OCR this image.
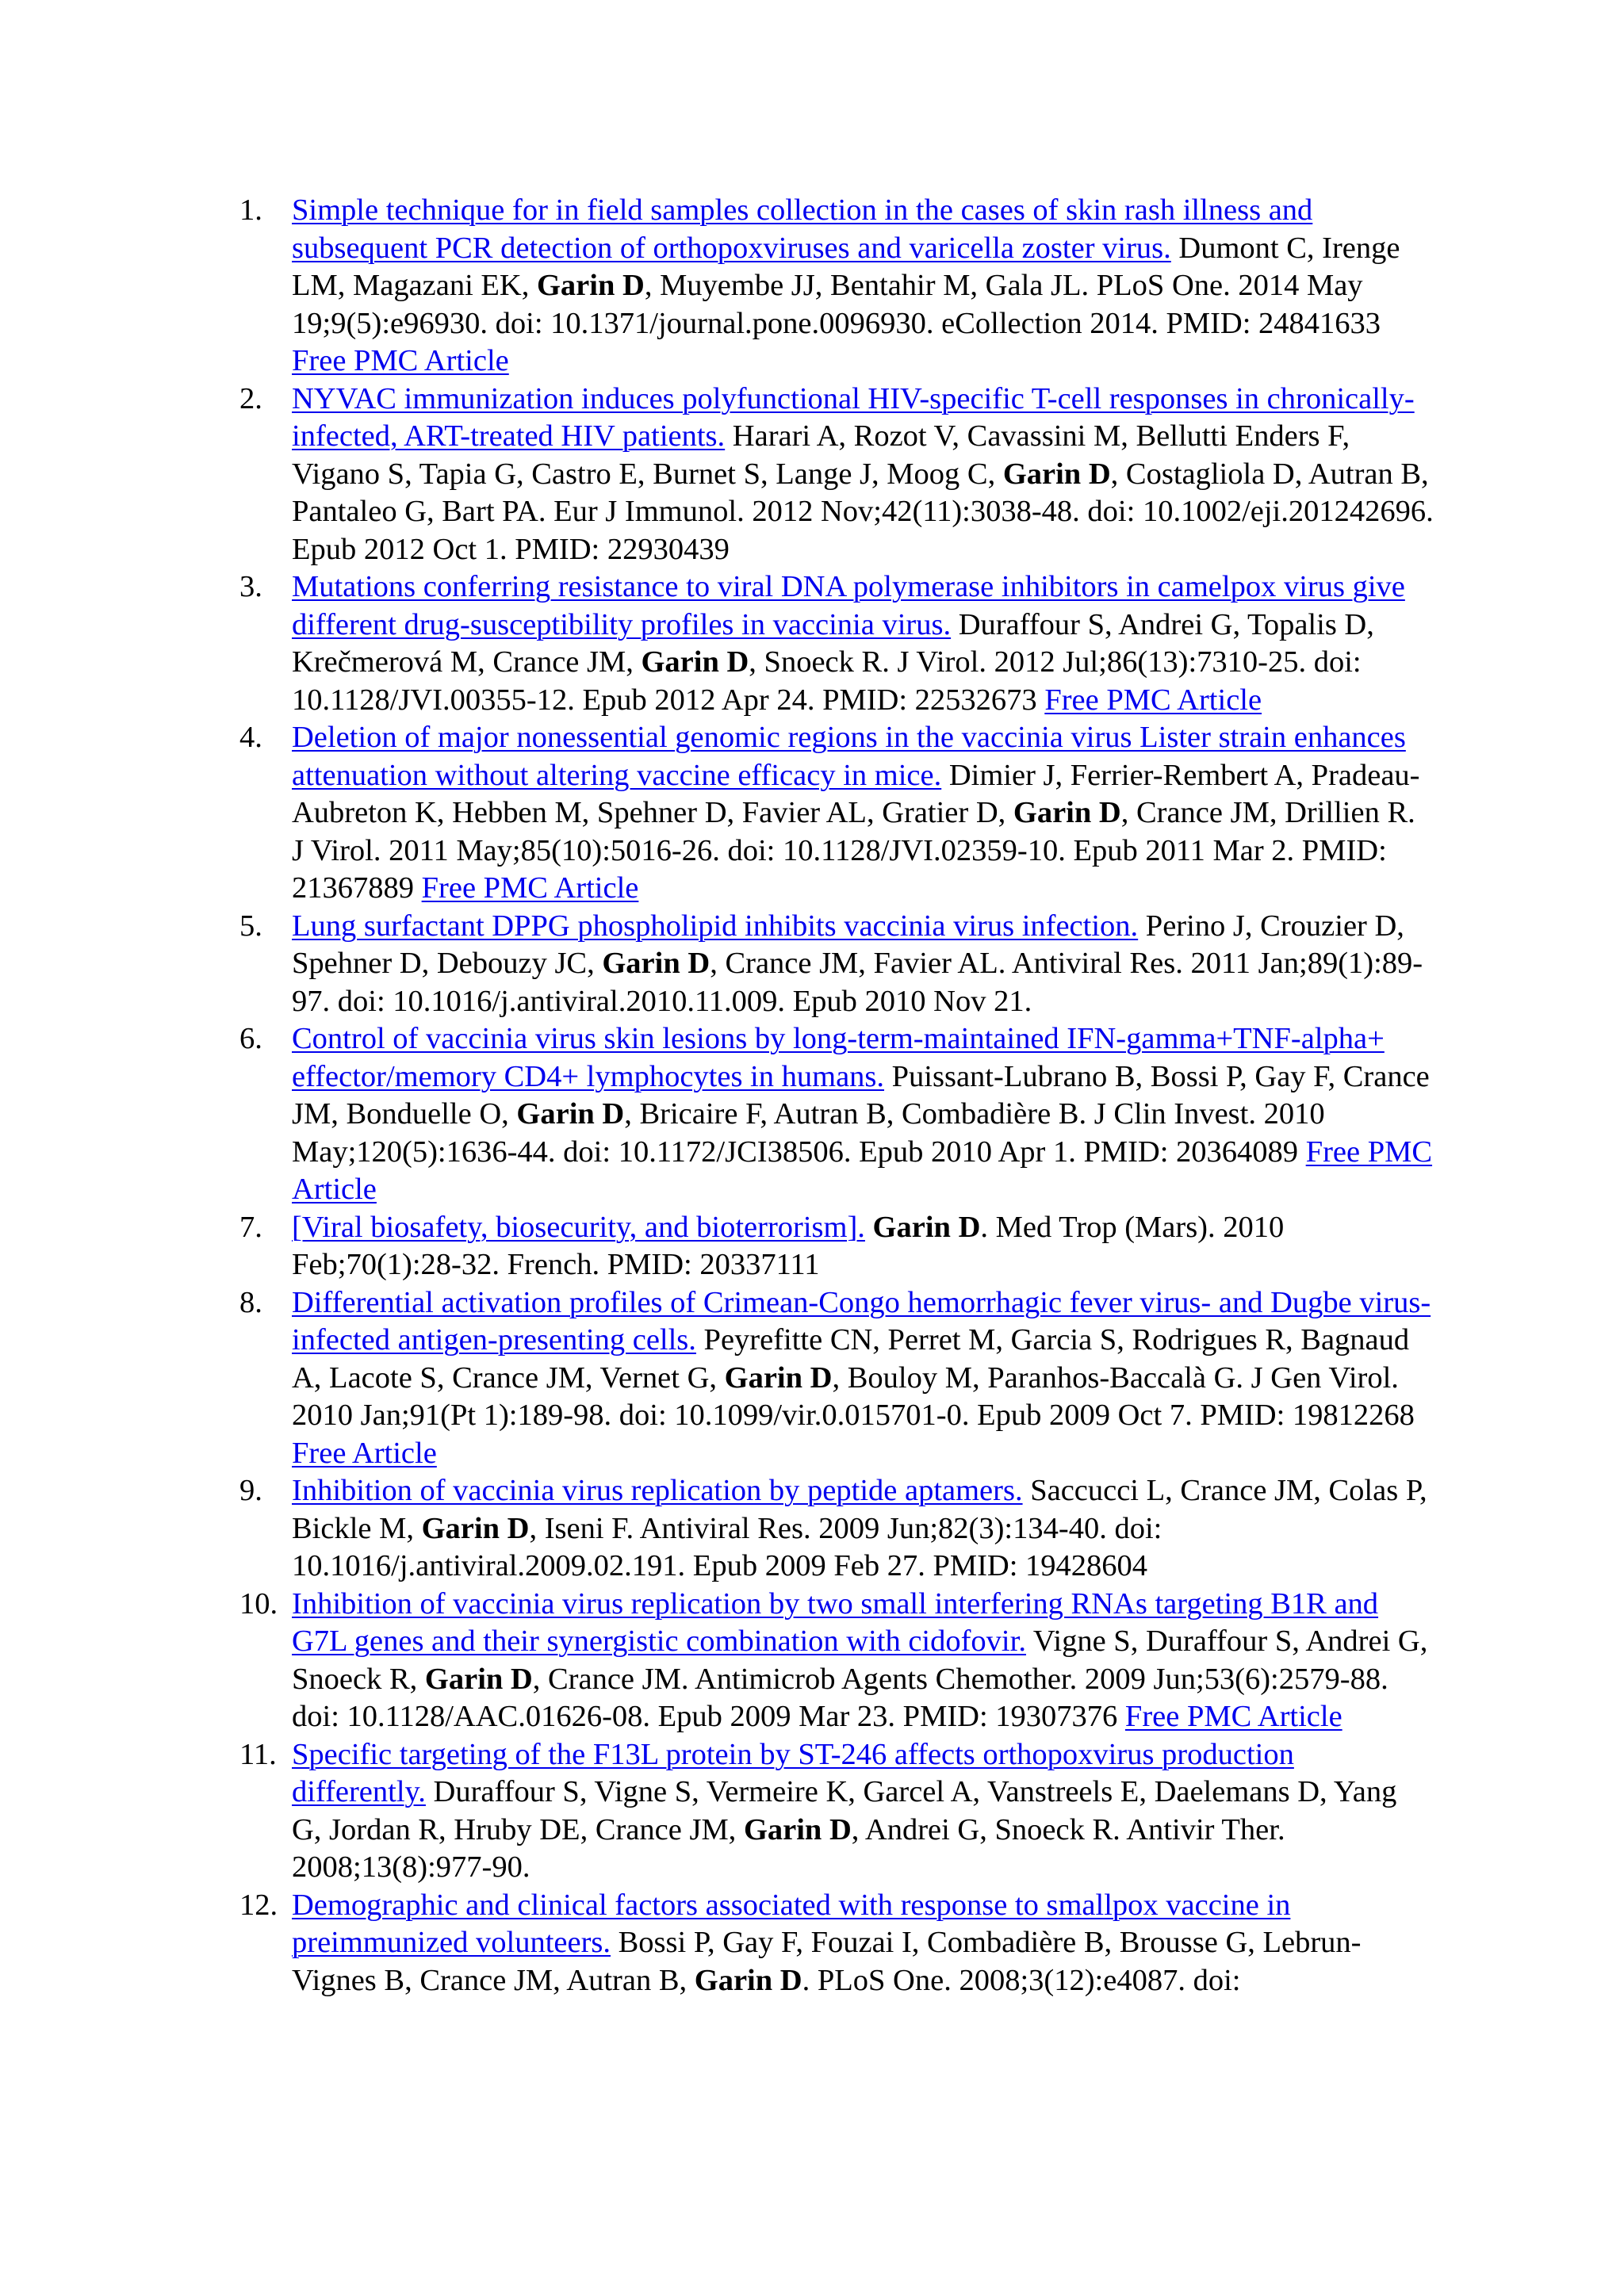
1. Simple technique for in field samples collection in the cases of skin rash illness and subsequent PCR detection of orthopoxviruses and varicella zoster virus. Dumont C, Irenge LM, Magazani EK, Garin D, Muyembe JJ, Bentahir M, Gala JL. PLoS One. 2014 May 19;9(5):e96930. doi: 10.1371/journal.pone.0096930. eCollection 2014. PMID: 24841633 Free PMC Article
2. NYVAC immunization induces polyfunctional HIV-specific T-cell responses in chronically-infected, ART-treated HIV patients. Harari A, Rozot V, Cavassini M, Bellutti Enders F, Vigano S, Tapia G, Castro E, Burnet S, Lange J, Moog C, Garin D, Costagliola D, Autran B, Pantaleo G, Bart PA. Eur J Immunol. 2012 Nov;42(11):3038-48. doi: 10.1002/eji.201242696. Epub 2012 Oct 1. PMID: 22930439
3. Mutations conferring resistance to viral DNA polymerase inhibitors in camelpox virus give different drug-susceptibility profiles in vaccinia virus. Duraffour S, Andrei G, Topalis D, Krečmerová M, Crance JM, Garin D, Snoeck R. J Virol. 2012 Jul;86(13):7310-25. doi: 10.1128/JVI.00355-12. Epub 2012 Apr 24. PMID: 22532673 Free PMC Article
4. Deletion of major nonessential genomic regions in the vaccinia virus Lister strain enhances attenuation without altering vaccine efficacy in mice. Dimier J, Ferrier-Rembert A, Pradeau-Aubreton K, Hebben M, Spehner D, Favier AL, Gratier D, Garin D, Crance JM, Drillien R. J Virol. 2011 May;85(10):5016-26. doi: 10.1128/JVI.02359-10. Epub 2011 Mar 2. PMID: 21367889 Free PMC Article
5. Lung surfactant DPPG phospholipid inhibits vaccinia virus infection. Perino J, Crouzier D, Spehner D, Debouzy JC, Garin D, Crance JM, Favier AL. Antiviral Res. 2011 Jan;89(1):89-97. doi: 10.1016/j.antiviral.2010.11.009. Epub 2010 Nov 21.
6. Control of vaccinia virus skin lesions by long-term-maintained IFN-gamma+TNF-alpha+ effector/memory CD4+ lymphocytes in humans. Puissant-Lubrano B, Bossi P, Gay F, Crance JM, Bonduelle O, Garin D, Bricaire F, Autran B, Combadière B. J Clin Invest. 2010 May;120(5):1636-44. doi: 10.1172/JCI38506. Epub 2010 Apr 1. PMID: 20364089 Free PMC Article
7. [Viral biosafety, biosecurity, and bioterrorism]. Garin D. Med Trop (Mars). 2010 Feb;70(1):28-32. French. PMID: 20337111
8. Differential activation profiles of Crimean-Congo hemorrhagic fever virus- and Dugbe virus-infected antigen-presenting cells. Peyrefitte CN, Perret M, Garcia S, Rodrigues R, Bagnaud A, Lacote S, Crance JM, Vernet G, Garin D, Bouloy M, Paranhos-Baccalà G. J Gen Virol. 2010 Jan;91(Pt 1):189-98. doi: 10.1099/vir.0.015701-0. Epub 2009 Oct 7. PMID: 19812268 Free Article
9. Inhibition of vaccinia virus replication by peptide aptamers. Saccucci L, Crance JM, Colas P, Bickle M, Garin D, Iseni F. Antiviral Res. 2009 Jun;82(3):134-40. doi: 10.1016/j.antiviral.2009.02.191. Epub 2009 Feb 27. PMID: 19428604
10. Inhibition of vaccinia virus replication by two small interfering RNAs targeting B1R and G7L genes and their synergistic combination with cidofovir. Vigne S, Duraffour S, Andrei G, Snoeck R, Garin D, Crance JM. Antimicrob Agents Chemother. 2009 Jun;53(6):2579-88. doi: 10.1128/AAC.01626-08. Epub 2009 Mar 23. PMID: 19307376 Free PMC Article
11. Specific targeting of the F13L protein by ST-246 affects orthopoxvirus production differently. Duraffour S, Vigne S, Vermeire K, Garcel A, Vanstreels E, Daelemans D, Yang G, Jordan R, Hruby DE, Crance JM, Garin D, Andrei G, Snoeck R. Antivir Ther. 2008;13(8):977-90.
12. Demographic and clinical factors associated with response to smallpox vaccine in preimmunized volunteers. Bossi P, Gay F, Fouzai I, Combadière B, Brousse G, Lebrun-Vignes B, Crance JM, Autran B, Garin D. PLoS One. 2008;3(12):e4087. doi:
